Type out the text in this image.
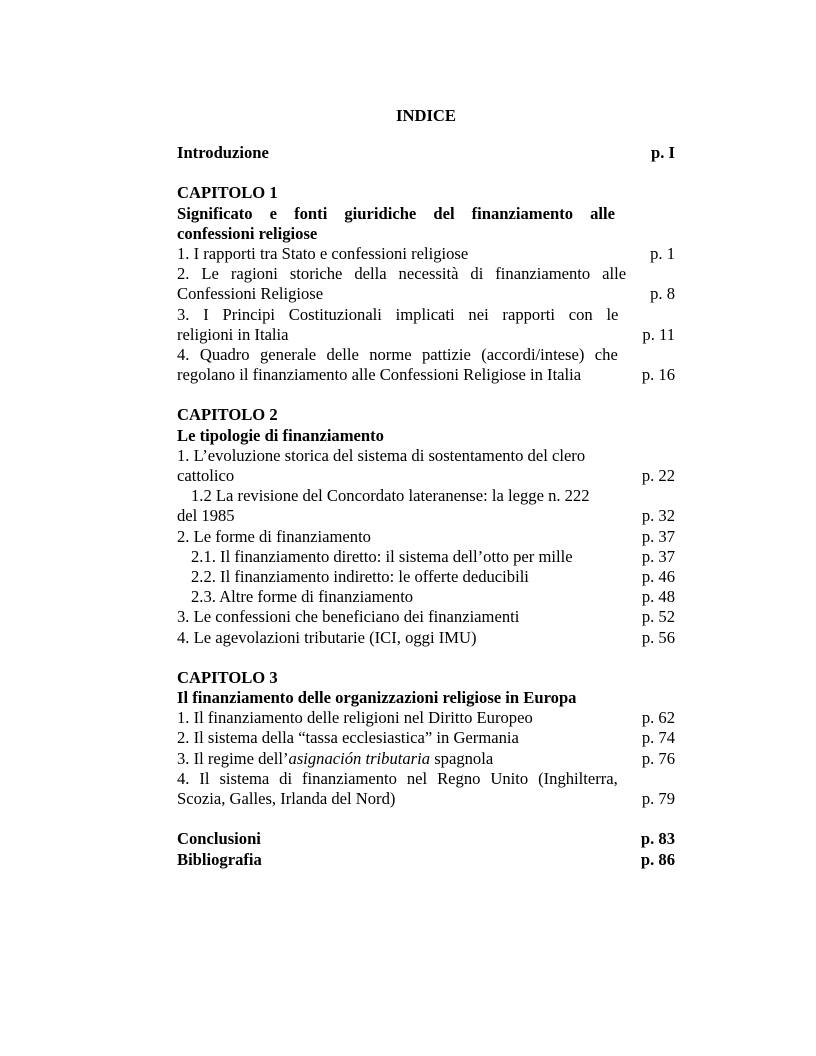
INDICE
Introduzione	p. I
CAPITOLO 1
Significato e fonti giuridiche del finanziamento alle
confessioni religiose
1. I rapporti tra Stato e confessioni religiose	p. 1
2. Le ragioni storiche della necessità di finanziamento alle
Confessioni Religiose	p. 8
3. I Principi Costituzionali implicati nei rapporti con le
religioni in Italia	p. 11
4. Quadro generale delle norme pattizie (accordi/intese) che
regolano il finanziamento alle Confessioni Religiose in Italia	p. 16
CAPITOLO 2
Le tipologie di finanziamento
1. L’evoluzione storica del sistema di sostentamento del clero
cattolico	p. 22
1.2 La revisione del Concordato lateranense: la legge n. 222
del 1985	p. 32
2. Le forme di finanziamento	p. 37
2.1. Il finanziamento diretto: il sistema dell’otto per mille	p. 37
2.2. Il finanziamento indiretto: le offerte deducibili	p. 46
2.3. Altre forme di finanziamento	p. 48
3. Le confessioni che beneficiano dei finanziamenti	p. 52
4. Le agevolazioni tributarie (ICI, oggi IMU)	p. 56
CAPITOLO 3
Il finanziamento delle organizzazioni religiose in Europa
1. Il finanziamento delle religioni nel Diritto Europeo	p. 62
2. Il sistema della “tassa ecclesiastica” in Germania	p. 74
3. Il regime dell’asignación tributaria spagnola	p. 76
4. Il sistema di finanziamento nel Regno Unito (Inghilterra,
Scozia, Galles, Irlanda del Nord)	p. 79
Conclusioni	p. 83
Bibliografia	p. 86
